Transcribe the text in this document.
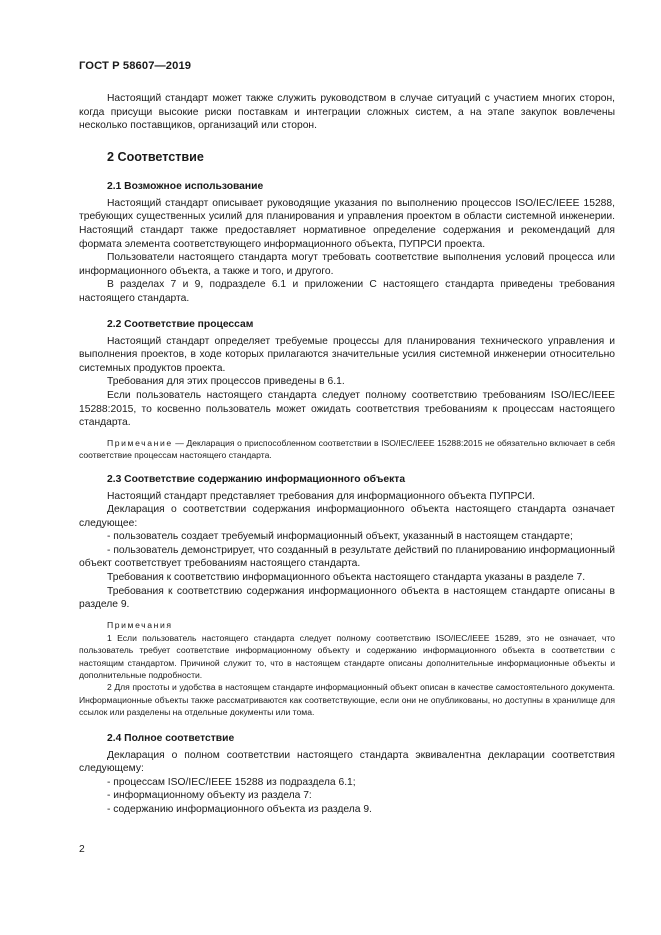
ГОСТ Р 58607—2019

Настоящий стандарт может также служить руководством в случае ситуаций с участием многих сторон, когда присущи высокие риски поставкам и интеграции сложных систем, а на этапе закупок вовлечены несколько поставщиков, организаций или сторон.

2 Соответствие
2.1 Возможное использование

Настоящий стандарт описывает руководящие указания по выполнению процессов ISO/IEC/IEEE 15288, требующих существенных усилий для планирования и управления проектом в области системной инженерии. Настоящий стандарт также предоставляет нормативное определение содержания и рекомендаций для формата элемента соответствующего информационного объекта, ПУПРСИ проекта.

Пользователи настоящего стандарта могут требовать соответствие выполнения условий процесса или информационного объекта, а также и того, и другого.

В разделах 7 и 9, подразделе 6.1 и приложении С настоящего стандарта приведены требования настоящего стандарта.

2.2 Соответствие процессам

Настоящий стандарт определяет требуемые процессы для планирования технического управления и выполнения проектов, в ходе которых прилагаются значительные усилия системной инженерии относительно системных продуктов проекта.

Требования для этих процессов приведены в 6.1.

Если пользователь настоящего стандарта следует полному соответствию требованиям ISO/IEC/IEEE 15288:2015, то косвенно пользователь может ожидать соответствия требованиям к процессам настоящего стандарта.

Примечание — Декларация о приспособленном соответствии в ISO/IEC/IEEE 15288:2015 не обязательно включает в себя соответствие процессам настоящего стандарта.

2.3 Соответствие содержанию информационного объекта

Настоящий стандарт представляет требования для информационного объекта ПУПРСИ.

Декларация о соответствии содержания информационного объекта настоящего стандарта означает следующее:

- пользователь создает требуемый информационный объект, указанный в настоящем стандарте;

- пользователь демонстрирует, что созданный в результате действий по планированию информационный объект соответствует требованиям настоящего стандарта.

Требования к соответствию информационного объекта настоящего стандарта указаны в разделе 7.

Требования к соответствию содержания информационного объекта в настоящем стандарте описаны в разделе 9.

Примечания

1 Если пользователь настоящего стандарта следует полному соответствию ISO/IEC/IEEE 15289, это не означает, что пользователь требует соответствие информационному объекту и содержанию информационного объекта в соответствии с настоящим стандартом. Причиной служит то, что в настоящем стандарте описаны дополнительные информационные объекты и дополнительные подробности.

2 Для простоты и удобства в настоящем стандарте информационный объект описан в качестве самостоятельного документа. Информационные объекты также рассматриваются как соответствующие, если они не опубликованы, но доступны в хранилище для ссылок или разделены на отдельные документы или тома.

2.4 Полное соответствие

Декларация о полном соответствии настоящего стандарта эквивалентна декларации соответствия следующему:

- процессам ISO/IEC/IEEE 15288 из подраздела 6.1;

- информационному объекту из раздела 7:

- содержанию информационного объекта из раздела 9.

2
